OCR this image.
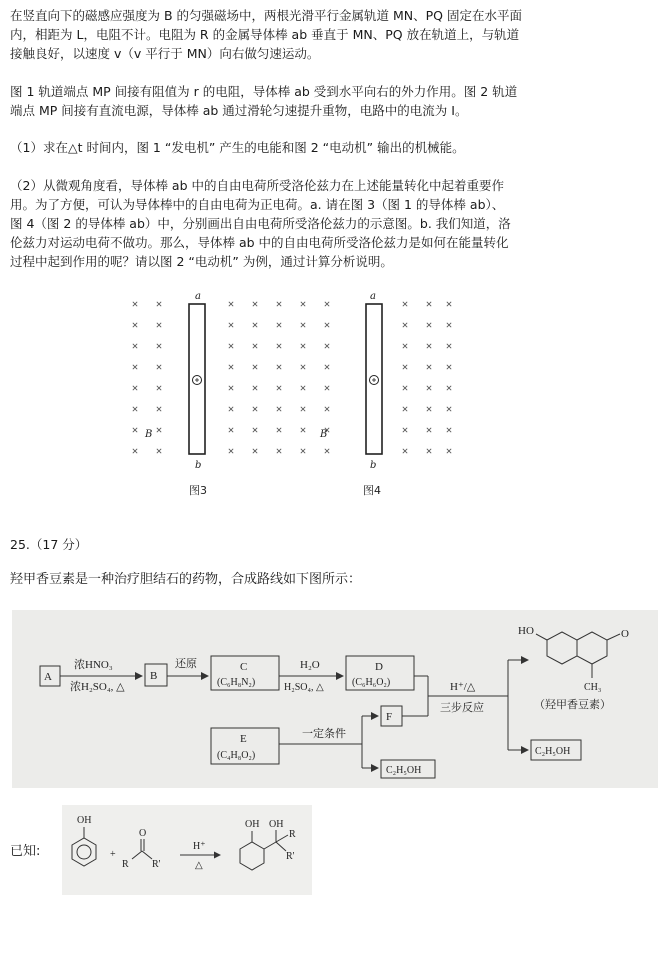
在竖直向下的磁感应强度为 B 的匀强磁场中，两根光滑平行金属轨道 MN、PQ 固定在水平面
内，相距为 L，电阻不计。电阻为 R 的金属导体棒 ab 垂直于 MN、PQ 放在轨道上，与轨道
接触良好，以速度 v（v 平行于 MN）向右做匀速运动。

图 1 轨道端点 MP 间接有阻值为 r 的电阻，导体棒 ab 受到水平向右的外力作用。图 2 轨道
端点 MP 间接有直流电源，导体棒 ab 通过滑轮匀速提升重物，电路中的电流为 I。

（1）求在△t 时间内，图 1 “发电机” 产生的电能和图 2 “电动机” 输出的机械能。

（2）从微观角度看，导体棒 ab 中的自由电荷所受洛伦兹力在上述能量转化中起着重要作
用。为了方便，可认为导体棒中的自由电荷为正电荷。a. 请在图 3（图 1 的导体棒 ab）、
图 4（图 2 的导体棒 ab）中，分别画出自由电荷所受洛伦兹力的示意图。b. 我们知道，洛
伦兹力对运动电荷不做功。那么，导体棒 ab 中的自由电荷所受洛伦兹力是如何在能量转化
过程中起到作用的呢？请以图 2 “电动机” 为例，通过计算分析说明。

a
b
B
图3
a
b
B
图4
25.（17 分）
羟甲香豆素是一种治疗胆结石的药物，合成路线如下图所示：
A
浓HNO₃
浓H₂SO₄, △
B
还原	C
(C₆H₈N₂)
H₂O
H₂SO₄, △
D
(C₆H₆O₂)	H⁺/△
三步反应
HO	O
CH₃
（羟甲香豆素）
C₂H₅OH
E
(C₄H₈O₂)
一定条件
F
C₂H₅OH
已知:
OH
+
O
R R'
H⁺
△
OH OH
R
R'
